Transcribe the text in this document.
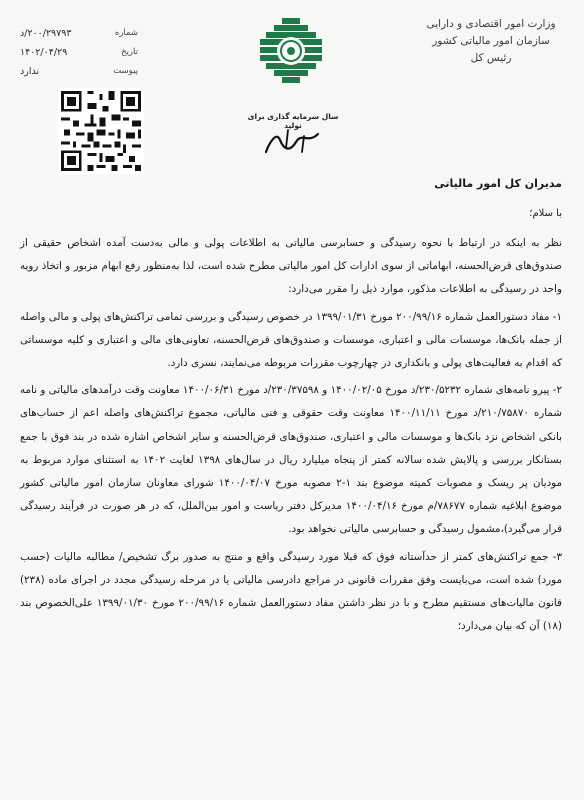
وزارت امور اقتصادی و دارایی
سازمان امور مالیاتی کشور
رئیس کل
سال سرمایه گذاری برای تولید
شماره
۲۰۰/۲۹۷۹۳/د
تاریخ
۱۴۰۲/۰۴/۲۹
پیوست
ندارد
مدیران کل امور مالیاتی
با سلام؛

نظر به اینکه در ارتباط با نحوه رسیدگی و حسابرسی مالیاتی به اطلاعات پولی و مالی به‌دست آمده اشخاص حقیقی از صندوق‌های قرض‌الحسنه، ابهاماتی از سوی ادارات کل امور مالیاتی مطرح شده است، لذا به‌منظور رفع ابهام مزبور و اتخاذ رویه واحد در رسیدگی به اطلاعات مذکور، موارد ذیل را مقرر می‌دارد:

۱- مفاد دستورالعمل شماره ۲۰۰/۹۹/۱۶ مورخ ۱۳۹۹/۰۱/۳۱ در خصوص رسیدگی و بررسی تمامی تراکنش‌های پولی و مالی واصله از جمله بانک‌ها، موسسات مالی و اعتباری، موسسات و صندوق‌های قرض‌الحسنه، تعاونی‌های مالی و اعتباری و کلیه موسساتی که اقدام به فعالیت‌های پولی و بانکداری در چهارچوب مقررات مربوطه می‌نمایند، نسری دارد.

۲- پیرو نامه‌های شماره ۲۳۰/۵۲۳۲/د مورخ ۱۴۰۰/۰۲/۰۵ و ۲۳۰/۳۷۵۹۸/د مورخ ۱۴۰۰/۰۶/۳۱ معاونت وقت درآمدهای مالیاتی و نامه شماره ۲۱۰/۷۵۸۷۰/د مورخ ۱۴۰۰/۱۱/۱۱ معاونت وقت حقوقی و فنی مالیاتی، مجموع تراکنش‌های واصله اعم از حساب‌های بانکی اشخاص نزد بانک‌ها و موسسات مالی و اعتباری، صندوق‌های قرض‌الحسنه و سایر اشخاص اشاره شده در بند فوق با جمع بستانکار بررسی و پالایش شده سالانه کمتر از پنجاه میلیارد ریال در سال‌های ۱۳۹۸ لغایت ۱۴۰۲ به استثنای موارد مربوط به مودیان پر ریسک و مصوبات کمیته موضوع بند ۱-۲ مصوبه مورخ ۱۴۰۰/۰۴/۰۷ شورای معاونان سازمان امور مالیاتی کشور موضوع ابلاغیه شماره ۷۸۶۷۷/م مورخ ۱۴۰۰/۰۴/۱۶ مدیرکل دفتر ریاست و امور بین‌الملل، که در هر صورت در فرآیند رسیدگی قرار می‌گیرد)،مشمول رسیدگی و حسابرسی مالیاتی نخواهد بود.

۳- جمع تراکنش‌های کمتر از حدآستانه فوق که قبلا مورد رسیدگی واقع و منتج به صدور برگ تشخیص/ مطالبه مالیات (حسب مورد) شده است، می‌بایست وفق مقررات قانونی در مراجع دادرسی مالیاتی یا در مرحله رسیدگی مجدد در اجرای ماده (۲۳۸) قانون مالیات‌های مستقیم مطرح و با در نظر داشتن مفاد دستورالعمل شماره ۲۰۰/۹۹/۱۶ مورخ ۱۳۹۹/۰۱/۳۰ علی‌الخصوص بند (۱۸) آن که بیان می‌دارد؛
